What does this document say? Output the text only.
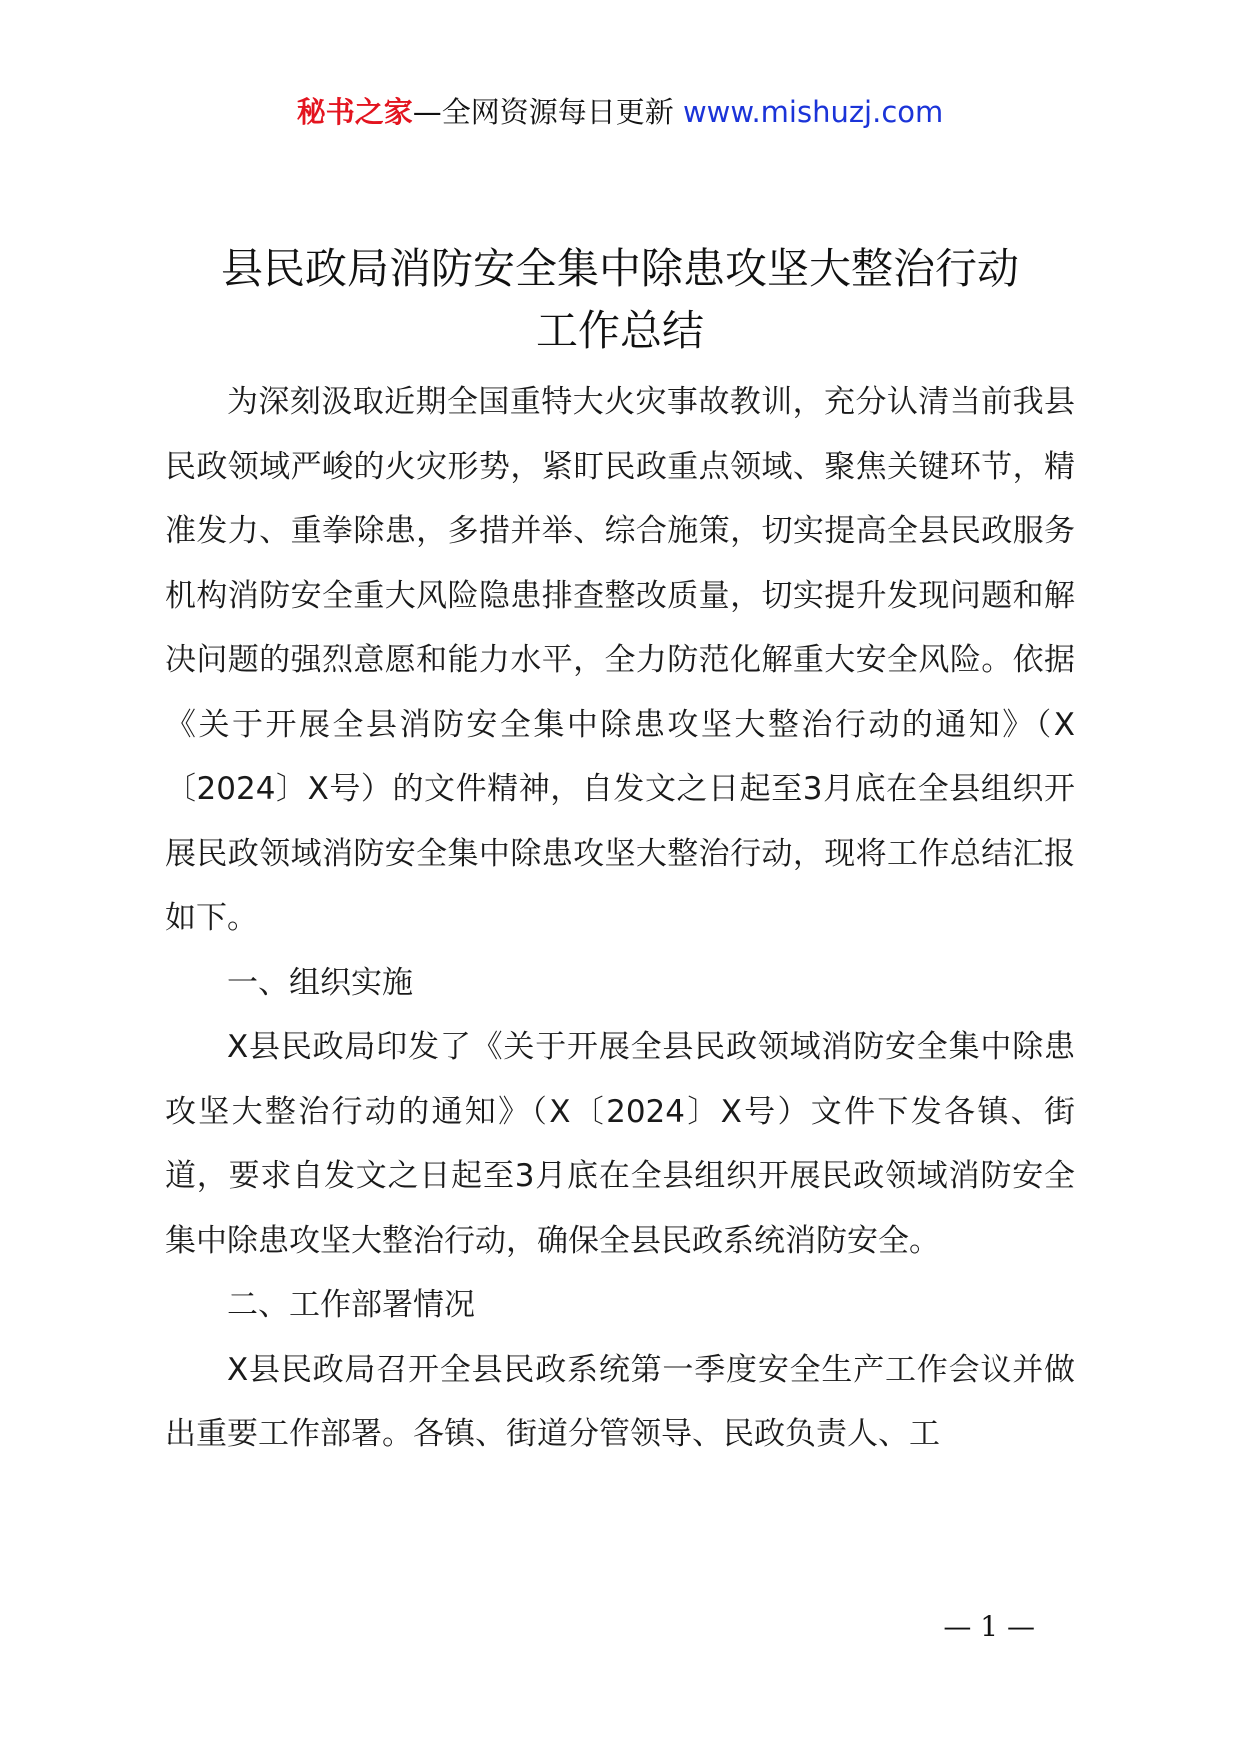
秘书之家—全网资源每日更新 www.mishuzj.com
县民政局消防安全集中除患攻坚大整治行动
工作总结

为深刻汲取近期全国重特大火灾事故教训，充分认清当前我县民政领域严峻的火灾形势，紧盯民政重点领域、聚焦关键环节，精准发力、重拳除患，多措并举、综合施策，切实提高全县民政服务机构消防安全重大风险隐患排查整改质量，切实提升发现问题和解决问题的强烈意愿和能力水平，全力防范化解重大安全风险。依据《关于开展全县消防安全集中除患攻坚大整治行动的通知》（X〔2024〕X号）的文件精神，自发文之日起至3月底在全县组织开展民政领域消防安全集中除患攻坚大整治行动，现将工作总结汇报如下。

一、组织实施

X县民政局印发了《关于开展全县民政领域消防安全集中除患攻坚大整治行动的通知》（X〔2024〕X号）文件下发各镇、街道，要求自发文之日起至3月底在全县组织开展民政领域消防安全集中除患攻坚大整治行动，确保全县民政系统消防安全。

二、工作部署情况

X县民政局召开全县民政系统第一季度安全生产工作会议并做出重要工作部署。各镇、街道分管领导、民政负责人、工

— 1 —
